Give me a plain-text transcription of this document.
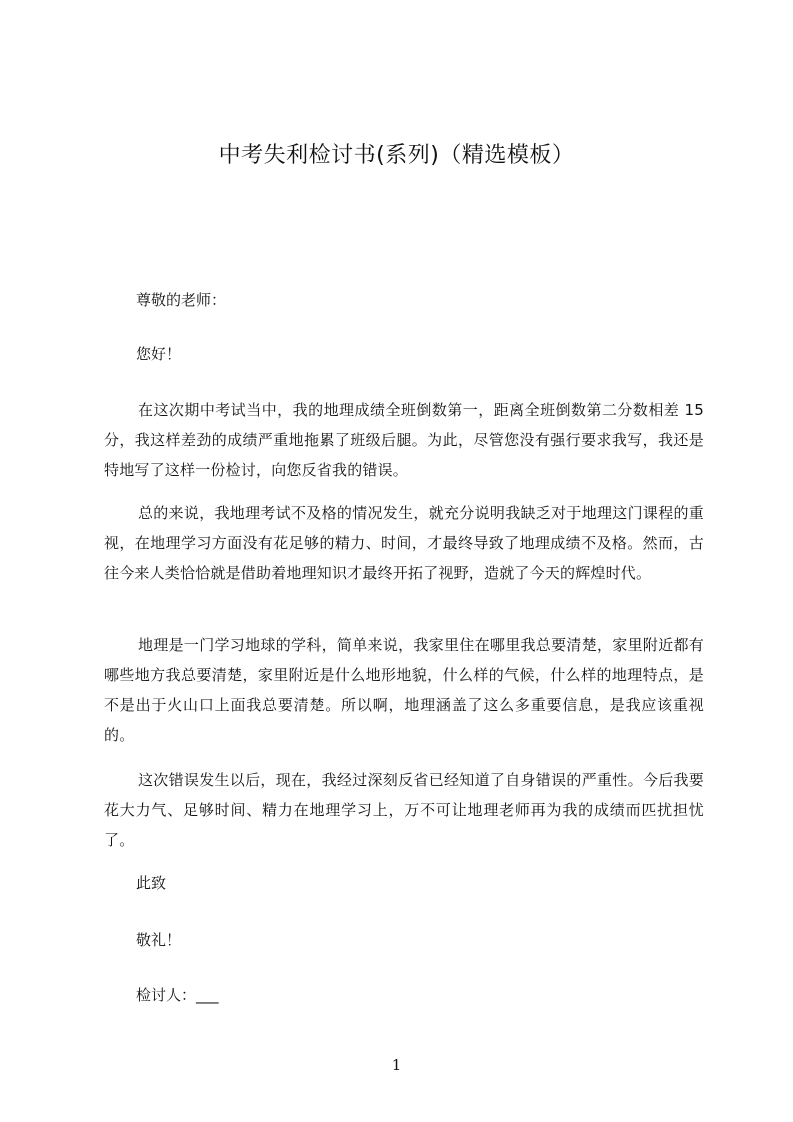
中考失利检讨书(系列)（精选模板）
尊敬的老师：
您好！
在这次期中考试当中，我的地理成绩全班倒数第一，距离全班倒数第二分数相差 15 分，我这样差劲的成绩严重地拖累了班级后腿。为此，尽管您没有强行要求我写，我还是特地写了这样一份检讨，向您反省我的错误。
总的来说，我地理考试不及格的情况发生，就充分说明我缺乏对于地理这门课程的重视，在地理学习方面没有花足够的精力、时间，才最终导致了地理成绩不及格。然而，古往今来人类恰恰就是借助着地理知识才最终开拓了视野，造就了今天的辉煌时代。
地理是一门学习地球的学科，简单来说，我家里住在哪里我总要清楚，家里附近都有哪些地方我总要清楚，家里附近是什么地形地貌，什么样的气候，什么样的地理特点，是不是出于火山口上面我总要清楚。所以啊，地理涵盖了这么多重要信息，是我应该重视的。
这次错误发生以后，现在，我经过深刻反省已经知道了自身错误的严重性。今后我要花大力气、足够时间、精力在地理学习上，万不可让地理老师再为我的成绩而匹扰担忧了。
此致
敬礼！
检讨人：___
1
